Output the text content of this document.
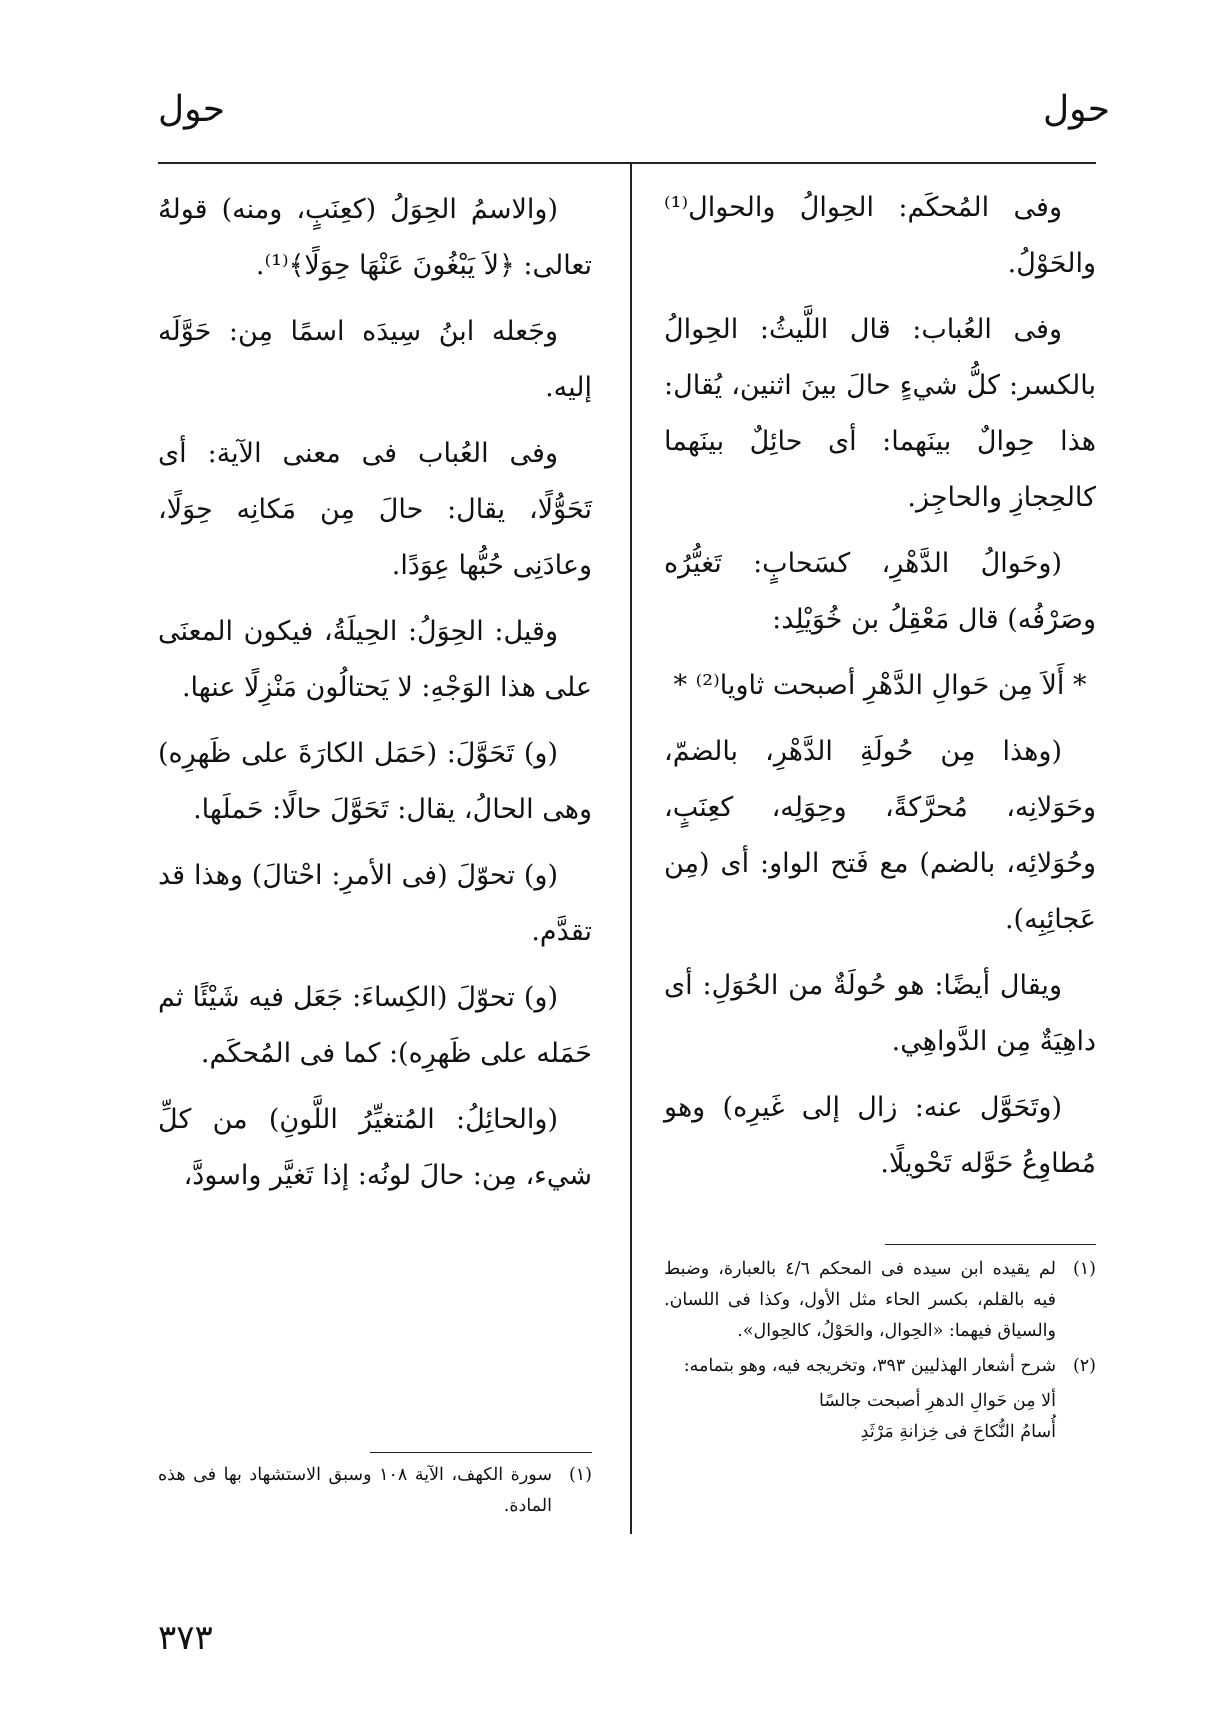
حول
حول

وفى المُحكَم: الحِوالُ والحوال⁽¹⁾ والحَوْلُ.

وفى العُباب: قال اللَّيثُ: الحِوالُ بالكسر: كلُّ شيءٍ حالَ بينَ اثنين، يُقال: هذا حِوالٌ بينَهما: أى حائِلٌ بينَهما كالحِجازِ والحاجِز.

(وحَوالُ الدَّهْرِ، كسَحابٍ: تَغيُّرُه وصَرْفُه) قال مَعْقِلُ بن خُوَيْلِد:

* أَلاَ مِن حَوالِ الدَّهْرِ أصبحت ثاويا⁽²⁾ *

(وهذا مِن حُولَةِ الدَّهْرِ، بالضمّ، وحَوَلانِه، مُحرَّكةً، وحِوَلِه، كعِنَبٍ، وحُوَلائِه، بالضم) مع فَتح الواو: أى (مِن عَجائِبِه).

ويقال أيضًا: هو حُولَةٌ من الحُوَلِ: أى داهِيَةٌ مِن الدَّواهِي.

(وتَحَوَّل عنه: زال إلى غَيرِه) وهو مُطاوِعُ حَوَّله تَحْويلًا.

(١)
لم يقيده ابن سيده فى المحكم ٤/٦ بالعبارة، وضبط فيه بالقلم، بكسر الحاء مثل الأول، وكذا فى اللسان. والسياق فيهما: «الحِوال، والحَوْلُ، كالحِوال».
(٢)
شرح أشعار الهذليين ٣٩٣، وتخريجه فيه، وهو بتمامه:
ألا مِن حَوالِ الدهرِ أصبحت جالسًا
أُسامُ النُّكاحَ فى خِزانةِ مَرْثَدِ

(والاسمُ الحِوَلُ (كعِنَبٍ، ومنه) قولهُ تعالى: ﴿لاَ يَبْغُونَ عَنْهَا حِوَلًا﴾⁽¹⁾.

وجَعله ابنُ سِيدَه اسمًا مِن: حَوَّلَه إليه.

وفى العُباب فى معنى الآية: أى تَحَوُّلًا، يقال: حالَ مِن مَكانِه حِوَلًا، وعادَنِى حُبُّها عِوَدًا.

وقيل: الحِوَلُ: الحِيلَةُ، فيكون المعنَى على هذا الوَجْهِ: لا يَحتالُون مَنْزِلًا عنها.

(و) تَحَوَّلَ: (حَمَل الكارَةَ على ظَهرِه) وهى الحالُ، يقال: تَحَوَّلَ حالًا: حَملَها.

(و) تحوّلَ (فى الأمرِ: احْتالَ) وهذا قد تقدَّم.

(و) تحوّلَ (الكِساءَ: جَعَل فيه شَيْئًا ثم حَمَله على ظَهرِه): كما فى المُحكَم.

(والحائِلُ: المُتغيِّرُ اللَّونِ) من كلِّ شيء، مِن: حالَ لونُه: إذا تَغيَّر واسودَّ،

(١)
سورة الكهف، الآية ١٠٨ وسبق الاستشهاد بها فى هذه المادة.
٣٧٣
